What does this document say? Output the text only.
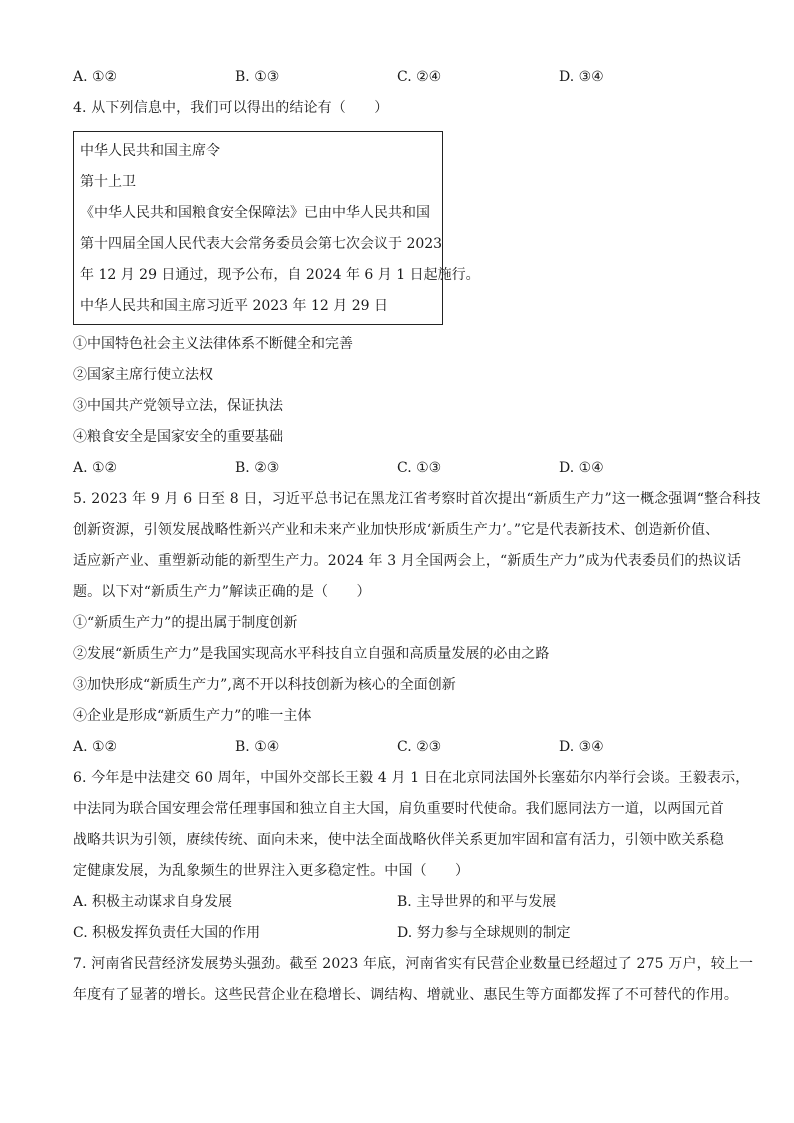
A. ①②	B. ①③	C. ②④	D. ③④
4. 从下列信息中，我们可以得出的结论有（　　）
中华人民共和国主席令
第十上卫
《中华人民共和国粮食安全保障法》已由中华人民共和国
第十四届全国人民代表大会常务委员会第七次会议于 2023
年 12 月 29 日通过，现予公布，自 2024 年 6 月 1 日起施行。
中华人民共和国主席习近平 2023 年 12 月 29 日
①中国特色社会主义法律体系不断健全和完善
②国家主席行使立法权
③中国共产党领导立法，保证执法
④粮食安全是国家安全的重要基础
A. ①②	B. ②③	C. ①③	D. ①④
5. 2023 年 9 月 6 日至 8 日，习近平总书记在黑龙江省考察时首次提出“新质生产力”这一概念强调“整合科技
创新资源，引领发展战略性新兴产业和未来产业加快形成‘新质生产力’。”它是代表新技术、创造新价值、
适应新产业、重塑新动能的新型生产力。2024 年 3 月全国两会上，“新质生产力”成为代表委员们的热议话
题。以下对“新质生产力”解读正确的是（　　）
①“新质生产力”的提出属于制度创新
②发展“新质生产力”是我国实现高水平科技自立自强和高质量发展的必由之路
③加快形成“新质生产力”,离不开以科技创新为核心的全面创新
④企业是形成“新质生产力”的唯一主体
A. ①②	B. ①④	C. ②③	D. ③④
6. 今年是中法建交 60 周年，中国外交部长王毅 4 月 1 日在北京同法国外长塞茹尔内举行会谈。王毅表示，
中法同为联合国安理会常任理事国和独立自主大国，肩负重要时代使命。我们愿同法方一道，以两国元首
战略共识为引领，赓续传统、面向未来，使中法全面战略伙伴关系更加牢固和富有活力，引领中欧关系稳
定健康发展，为乱象频生的世界注入更多稳定性。中国（　　）
A. 积极主动谋求自身发展	B. 主导世界的和平与发展
C. 积极发挥负责任大国的作用	D. 努力参与全球规则的制定
7. 河南省民营经济发展势头强劲。截至 2023 年底，河南省实有民营企业数量已经超过了 275 万户，较上一
年度有了显著的增长。这些民营企业在稳增长、调结构、增就业、惠民生等方面都发挥了不可替代的作用。
